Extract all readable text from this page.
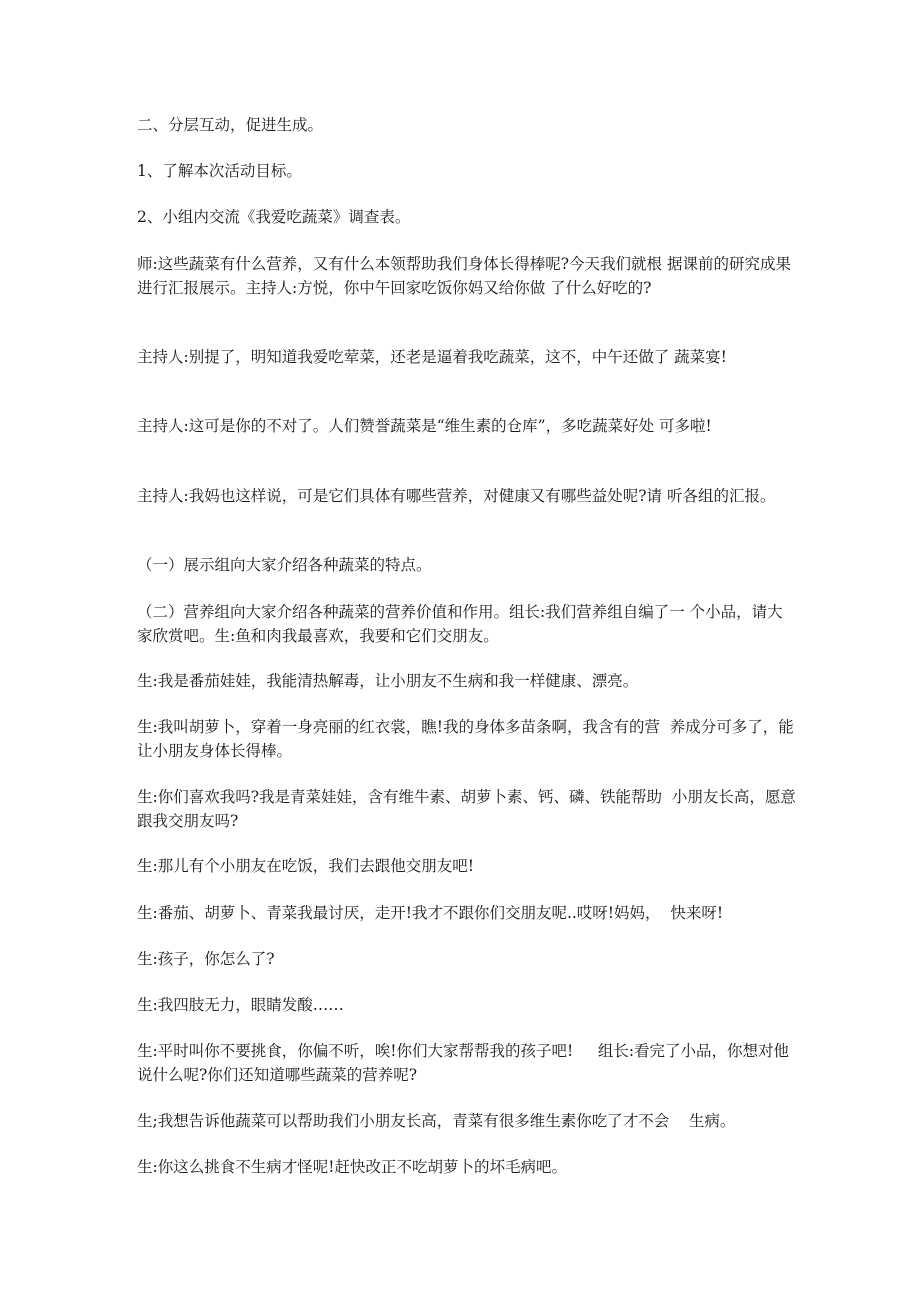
二、分层互动，促进生成。

1、了解本次活动目标。

2、小组内交流《我爱吃蔬菜》调查表。

师:这些蔬菜有什么营养，又有什么本领帮助我们身体长得棒呢?今天我们就根 据课前的研究成果进行汇报展示。主持人:方悦，你中午回家吃饭你妈又给你做 了什么好吃的?

主持人:别提了，明知道我爱吃荤菜，还老是逼着我吃蔬菜，这不，中午还做了 蔬菜宴!

主持人:这可是你的不对了。人们赞誉蔬菜是“维生素的仓库”，多吃蔬菜好处 可多啦!

主持人:我妈也这样说，可是它们具体有哪些营养，对健康又有哪些益处呢?请 听各组的汇报。

（一）展示组向大家介绍各种蔬菜的特点。

（二）营养组向大家介绍各种蔬菜的营养价值和作用。组长:我们营养组自编了一 个小品，请大家欣赏吧。生:鱼和肉我最喜欢，我要和它们交朋友。

生:我是番茄娃娃，我能清热解毒，让小朋友不生病和我一样健康、漂亮。

生:我叫胡萝卜，穿着一身亮丽的红衣裳，瞧!我的身体多苗条啊，我含有的营  养成分可多了，能让小朋友身体长得棒。

生:你们喜欢我吗?我是青菜娃娃，含有维牛素、胡萝卜素、钙、磷、铁能帮助  小朋友长高，愿意跟我交朋友吗?

生:那儿有个小朋友在吃饭，我们去跟他交朋友吧!

生:番茄、胡萝卜、青菜我最讨厌，走开!我才不跟你们交朋友呢..哎呀!妈妈，  快来呀!

生:孩子，你怎么了?

生:我四肢无力，眼睛发酸……

生:平时叫你不要挑食，你偏不听，唉!你们大家帮帮我的孩子吧!     组长:看完了小品，你想对他说什么呢?你们还知道哪些蔬菜的营养呢?

生;我想告诉他蔬菜可以帮助我们小朋友长高，青菜有很多维生素你吃了才不会    生病。

生:你这么挑食不生病才怪呢!赶快改正不吃胡萝卜的坏毛病吧。
